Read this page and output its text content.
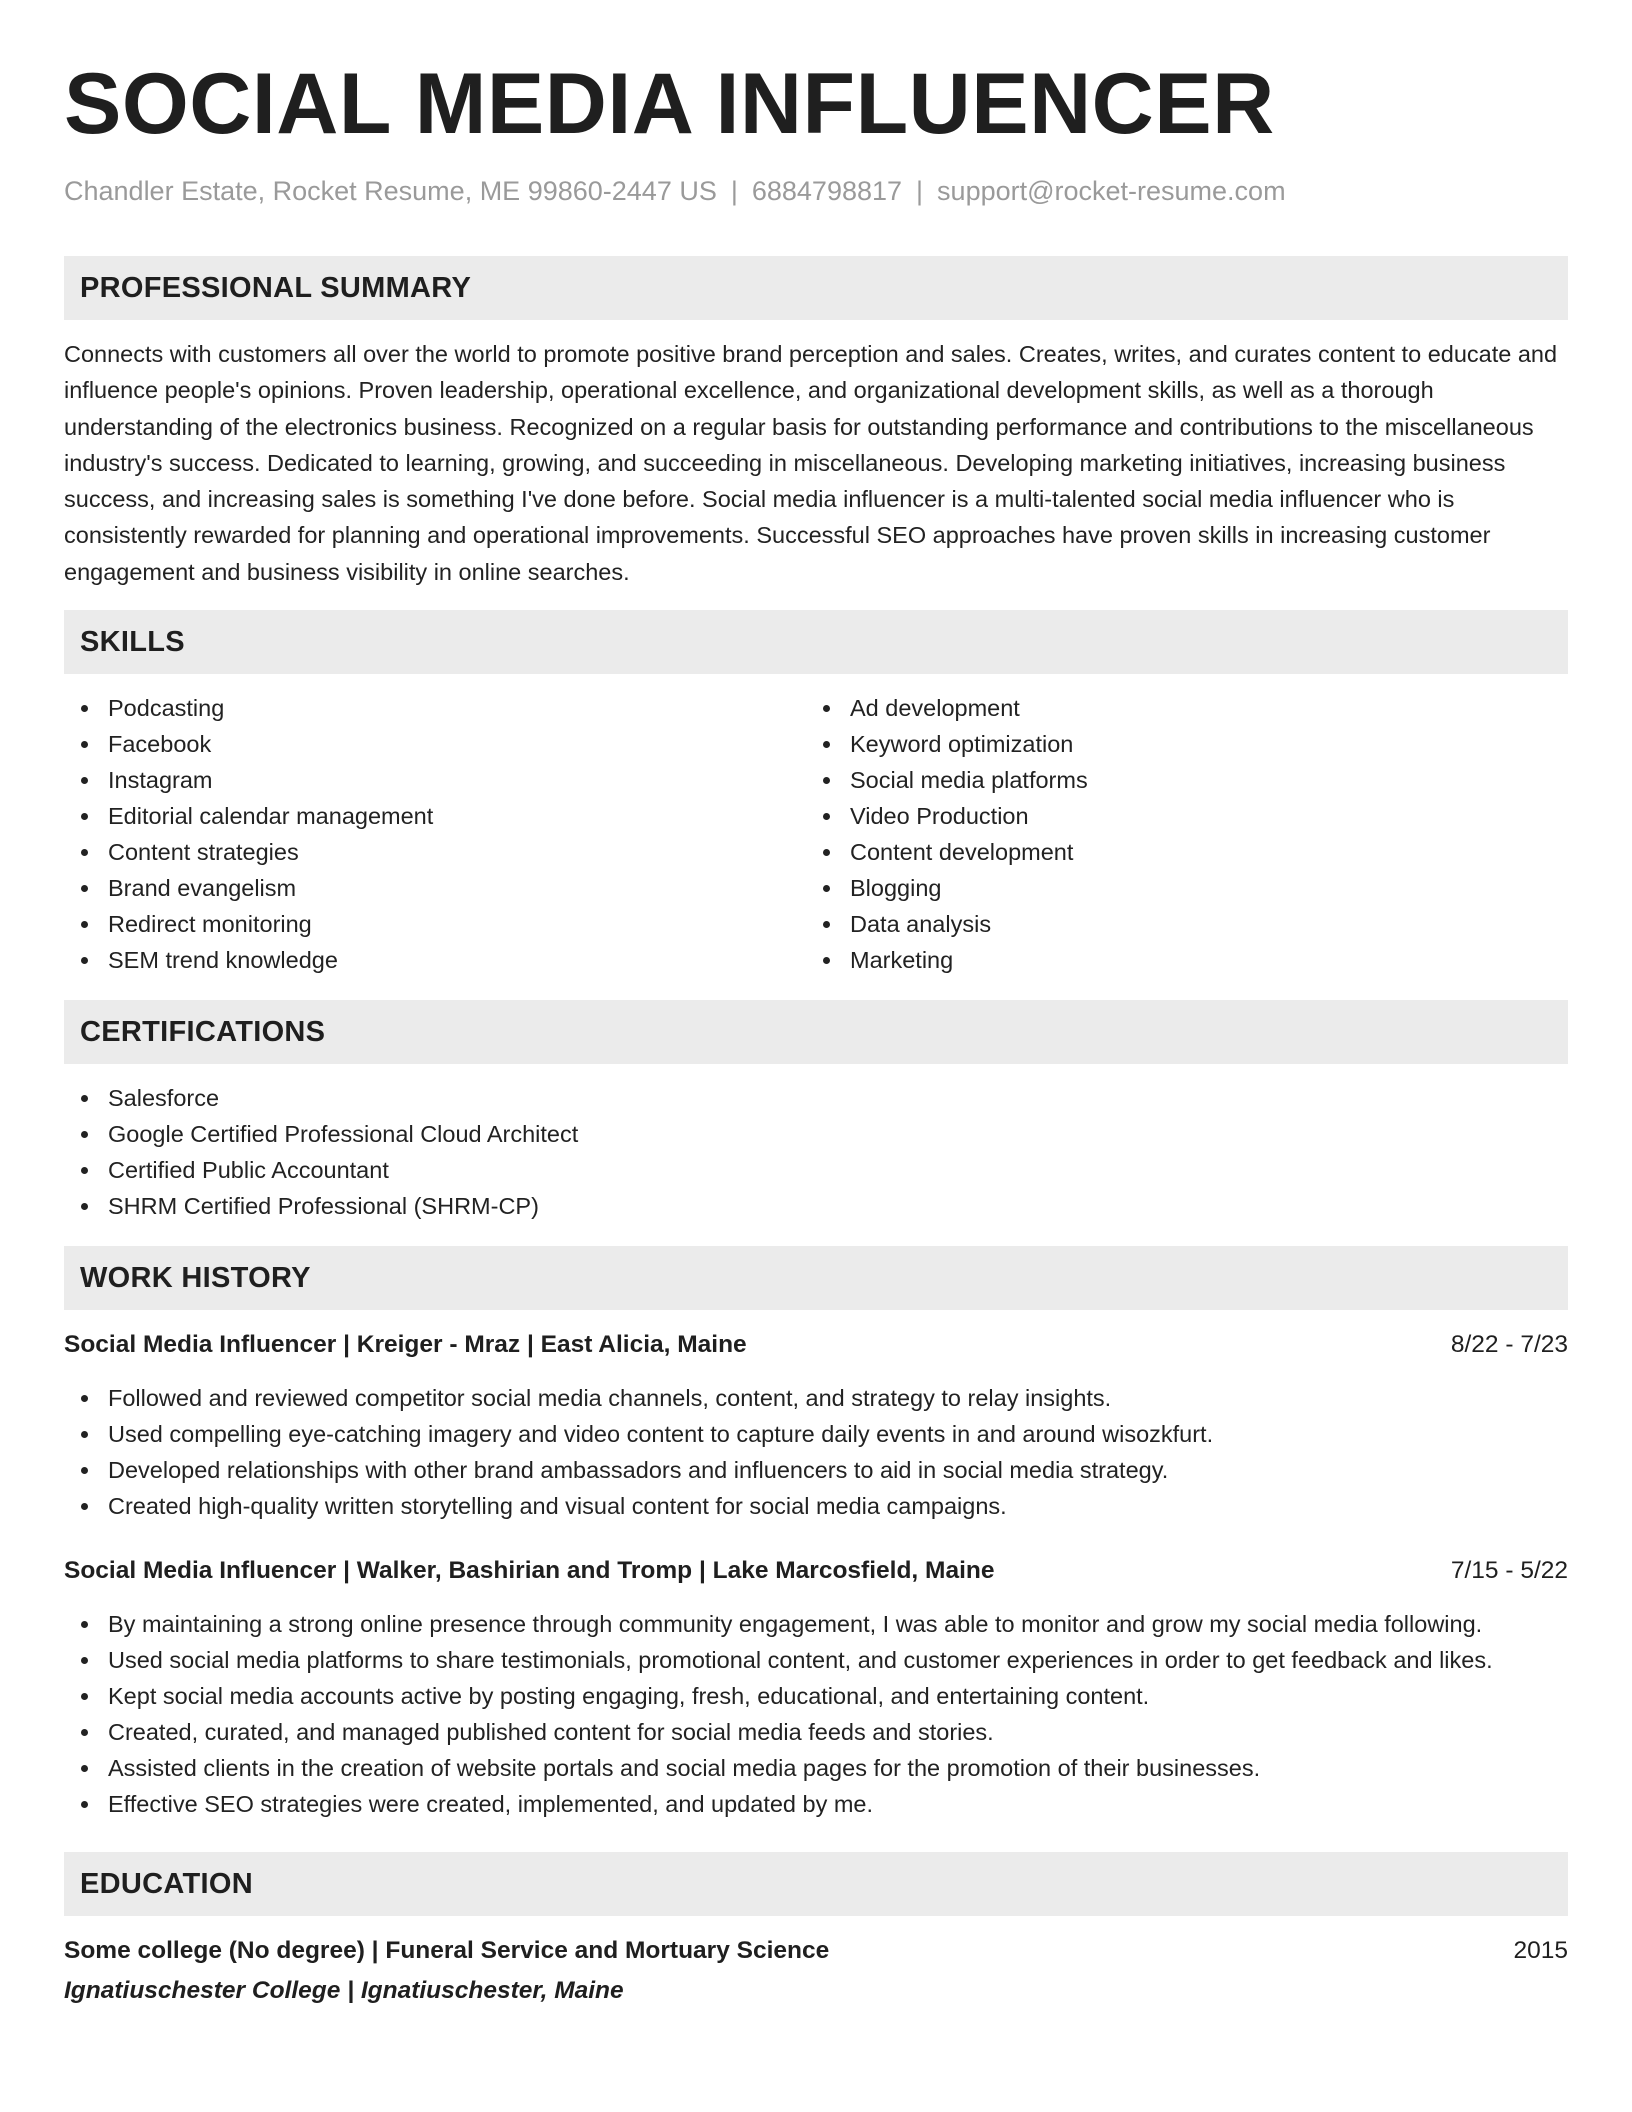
SOCIAL MEDIA INFLUENCER
Chandler Estate, Rocket Resume, ME 99860-2447 US | 6884798817 | support@rocket-resume.com
PROFESSIONAL SUMMARY

Connects with customers all over the world to promote positive brand perception and sales. Creates, writes, and curates content to educate and influence people's opinions. Proven leadership, operational excellence, and organizational development skills, as well as a thorough understanding of the electronics business. Recognized on a regular basis for outstanding performance and contributions to the miscellaneous industry's success. Dedicated to learning, growing, and succeeding in miscellaneous. Developing marketing initiatives, increasing business success, and increasing sales is something I've done before. Social media influencer is a multi-talented social media influencer who is consistently rewarded for planning and operational improvements. Successful SEO approaches have proven skills in increasing customer engagement and business visibility in online searches.

SKILLS
Podcasting
Facebook
Instagram
Editorial calendar management
Content strategies
Brand evangelism
Redirect monitoring
SEM trend knowledge
Ad development
Keyword optimization
Social media platforms
Video Production
Content development
Blogging
Data analysis
Marketing
CERTIFICATIONS
Salesforce
Google Certified Professional Cloud Architect
Certified Public Accountant
SHRM Certified Professional (SHRM-CP)
WORK HISTORY
Social Media Influencer | Kreiger - Mraz | East Alicia, Maine	8/22 - 7/23
Followed and reviewed competitor social media channels, content, and strategy to relay insights.
Used compelling eye-catching imagery and video content to capture daily events in and around wisozkfurt.
Developed relationships with other brand ambassadors and influencers to aid in social media strategy.
Created high-quality written storytelling and visual content for social media campaigns.
Social Media Influencer | Walker, Bashirian and Tromp | Lake Marcosfield, Maine	7/15 - 5/22
By maintaining a strong online presence through community engagement, I was able to monitor and grow my social media following.
Used social media platforms to share testimonials, promotional content, and customer experiences in order to get feedback and likes.
Kept social media accounts active by posting engaging, fresh, educational, and entertaining content.
Created, curated, and managed published content for social media feeds and stories.
Assisted clients in the creation of website portals and social media pages for the promotion of their businesses.
Effective SEO strategies were created, implemented, and updated by me.
EDUCATION
Some college (No degree) | Funeral Service and Mortuary Science	2015
Ignatiuschester College | Ignatiuschester, Maine
